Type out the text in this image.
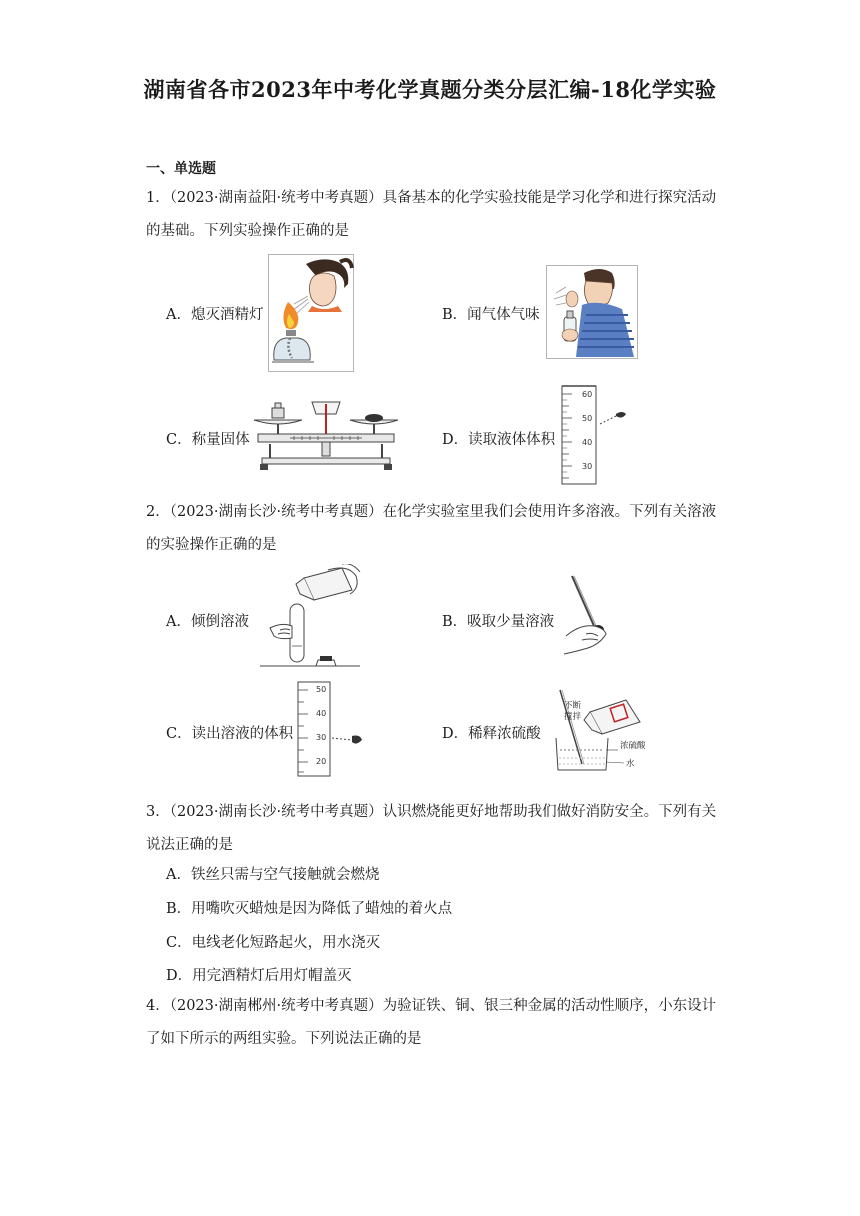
湖南省各市2023年中考化学真题分类分层汇编-18化学实验
一、单选题
1．（2023·湖南益阳·统考中考真题）具备基本的化学实验技能是学习化学和进行探究活动的基础。下列实验操作正确的是
A．熄灭酒精灯	B．闻气体气味
C．称量固体	D．读取液体体积
60
50
40
30
2．（2023·湖南长沙·统考中考真题）在化学实验室里我们会使用许多溶液。下列有关溶液的实验操作正确的是
A．倾倒溶液	B．吸取少量溶液
C．读出溶液的体积
50
40
30
20
D．稀释浓硫酸
不断
搅拌
浓硫酸
水
3．（2023·湖南长沙·统考中考真题）认识燃烧能更好地帮助我们做好消防安全。下列有关说法正确的是
A．铁丝只需与空气接触就会燃烧
B．用嘴吹灭蜡烛是因为降低了蜡烛的着火点
C．电线老化短路起火，用水浇灭
D．用完酒精灯后用灯帽盖灭
4．（2023·湖南郴州·统考中考真题）为验证铁、铜、银三种金属的活动性顺序，小东设计了如下所示的两组实验。下列说法正确的是
